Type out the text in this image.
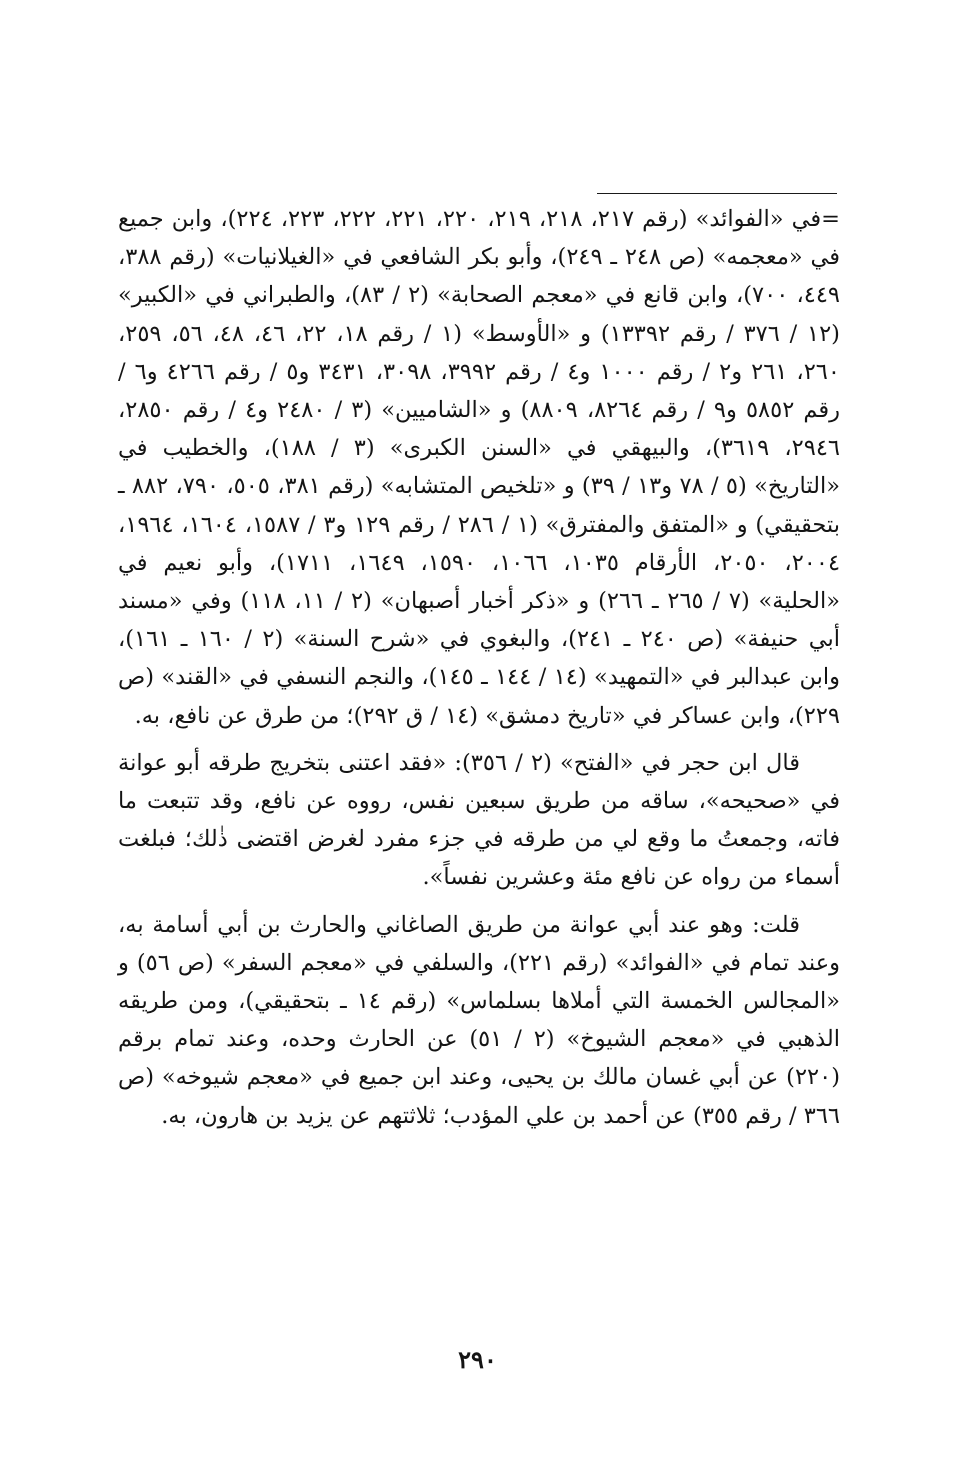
=في «الفوائد» (رقم ٢١٧، ٢١٨، ٢١٩، ٢٢٠، ٢٢١، ٢٢٢، ٢٢٣، ٢٢٤)، وابن جميع في «معجمه» (ص ٢٤٨ ـ ٢٤٩)، وأبو بكر الشافعي في «الغيلانيات» (رقم ٣٨٨، ٤٤٩، ٧٠٠)، وابن قانع في «معجم الصحابة» (٢ / ٨٣)، والطبراني في «الكبير» (١٢ / ٣٧٦ / رقم ١٣٣٩٢) و «الأوسط» (١ / رقم ١٨، ٢٢، ٤٦، ٤٨، ٥٦، ٢٥٩، ٢٦٠، ٢٦١ و٢ / رقم ١٠٠٠ و٤ / رقم ٣٩٩٢، ٣٠٩٨، ٣٤٣١ و٥ / رقم ٤٢٦٦ و٦ / رقم ٥٨٥٢ و٩ / رقم ٨٢٦٤، ٨٨٠٩) و «الشاميين» (٣ / ٢٤٨٠ و٤ / رقم ٢٨٥٠، ٢٩٤٦، ٣٦١٩)، والبيهقي في «السنن الكبرى» (٣ / ١٨٨)، والخطيب في «التاريخ» (٥ / ٧٨ و١٣ / ٣٩) و «تلخيص المتشابه» (رقم ٣٨١، ٥٠٥، ٧٩٠، ٨٨٢ ـ بتحقيقي) و «المتفق والمفترق» (١ / ٢٨٦ / رقم ١٢٩ و٣ / ١٥٨٧، ١٦٠٤، ١٩٦٤، ٢٠٠٤، ٢٠٥٠، الأرقام ١٠٣٥، ١٠٦٦، ١٥٩٠، ١٦٤٩، ١٧١١)، وأبو نعيم في «الحلية» (٧ / ٢٦٥ ـ ٢٦٦) و «ذكر أخبار أصبهان» (٢ / ١١، ١١٨) وفي «مسند أبي حنيفة» (ص ٢٤٠ ـ ٢٤١)، والبغوي في «شرح السنة» (٢ / ١٦٠ ـ ١٦١)، وابن عبدالبر في «التمهيد» (١٤ / ١٤٤ ـ ١٤٥)، والنجم النسفي في «القند» (ص ٢٢٩)، وابن عساكر في «تاريخ دمشق» (١٤ / ق ٢٩٢)؛ من طرق عن نافع، به.

قال ابن حجر في «الفتح» (٢ / ٣٥٦): «فقد اعتنى بتخريج طرقه أبو عوانة في «صحيحه»، ساقه من طريق سبعين نفس، رووه عن نافع، وقد تتبعت ما فاته، وجمعتُ ما وقع لي من طرقه في جزء مفرد لغرض اقتضى ذٰلك؛ فبلغت أسماء من رواه عن نافع مئة وعشرين نفساً».

قلت: وهو عند أبي عوانة من طريق الصاغاني والحارث بن أبي أسامة به، وعند تمام في «الفوائد» (رقم ٢٢١)، والسلفي في «معجم السفر» (ص ٥٦) و «المجالس الخمسة التي أملاها بسلماس» (رقم ١٤ ـ بتحقيقي)، ومن طريقه الذهبي في «معجم الشيوخ» (٢ / ٥١) عن الحارث وحده، وعند تمام برقم (٢٢٠) عن أبي غسان مالك بن يحيى، وعند ابن جميع في «معجم شيوخه» (ص ٣٦٦ / رقم ٣٥٥) عن أحمد بن علي المؤدب؛ ثلاثتهم عن يزيد بن هارون، به.

٢٩٠
